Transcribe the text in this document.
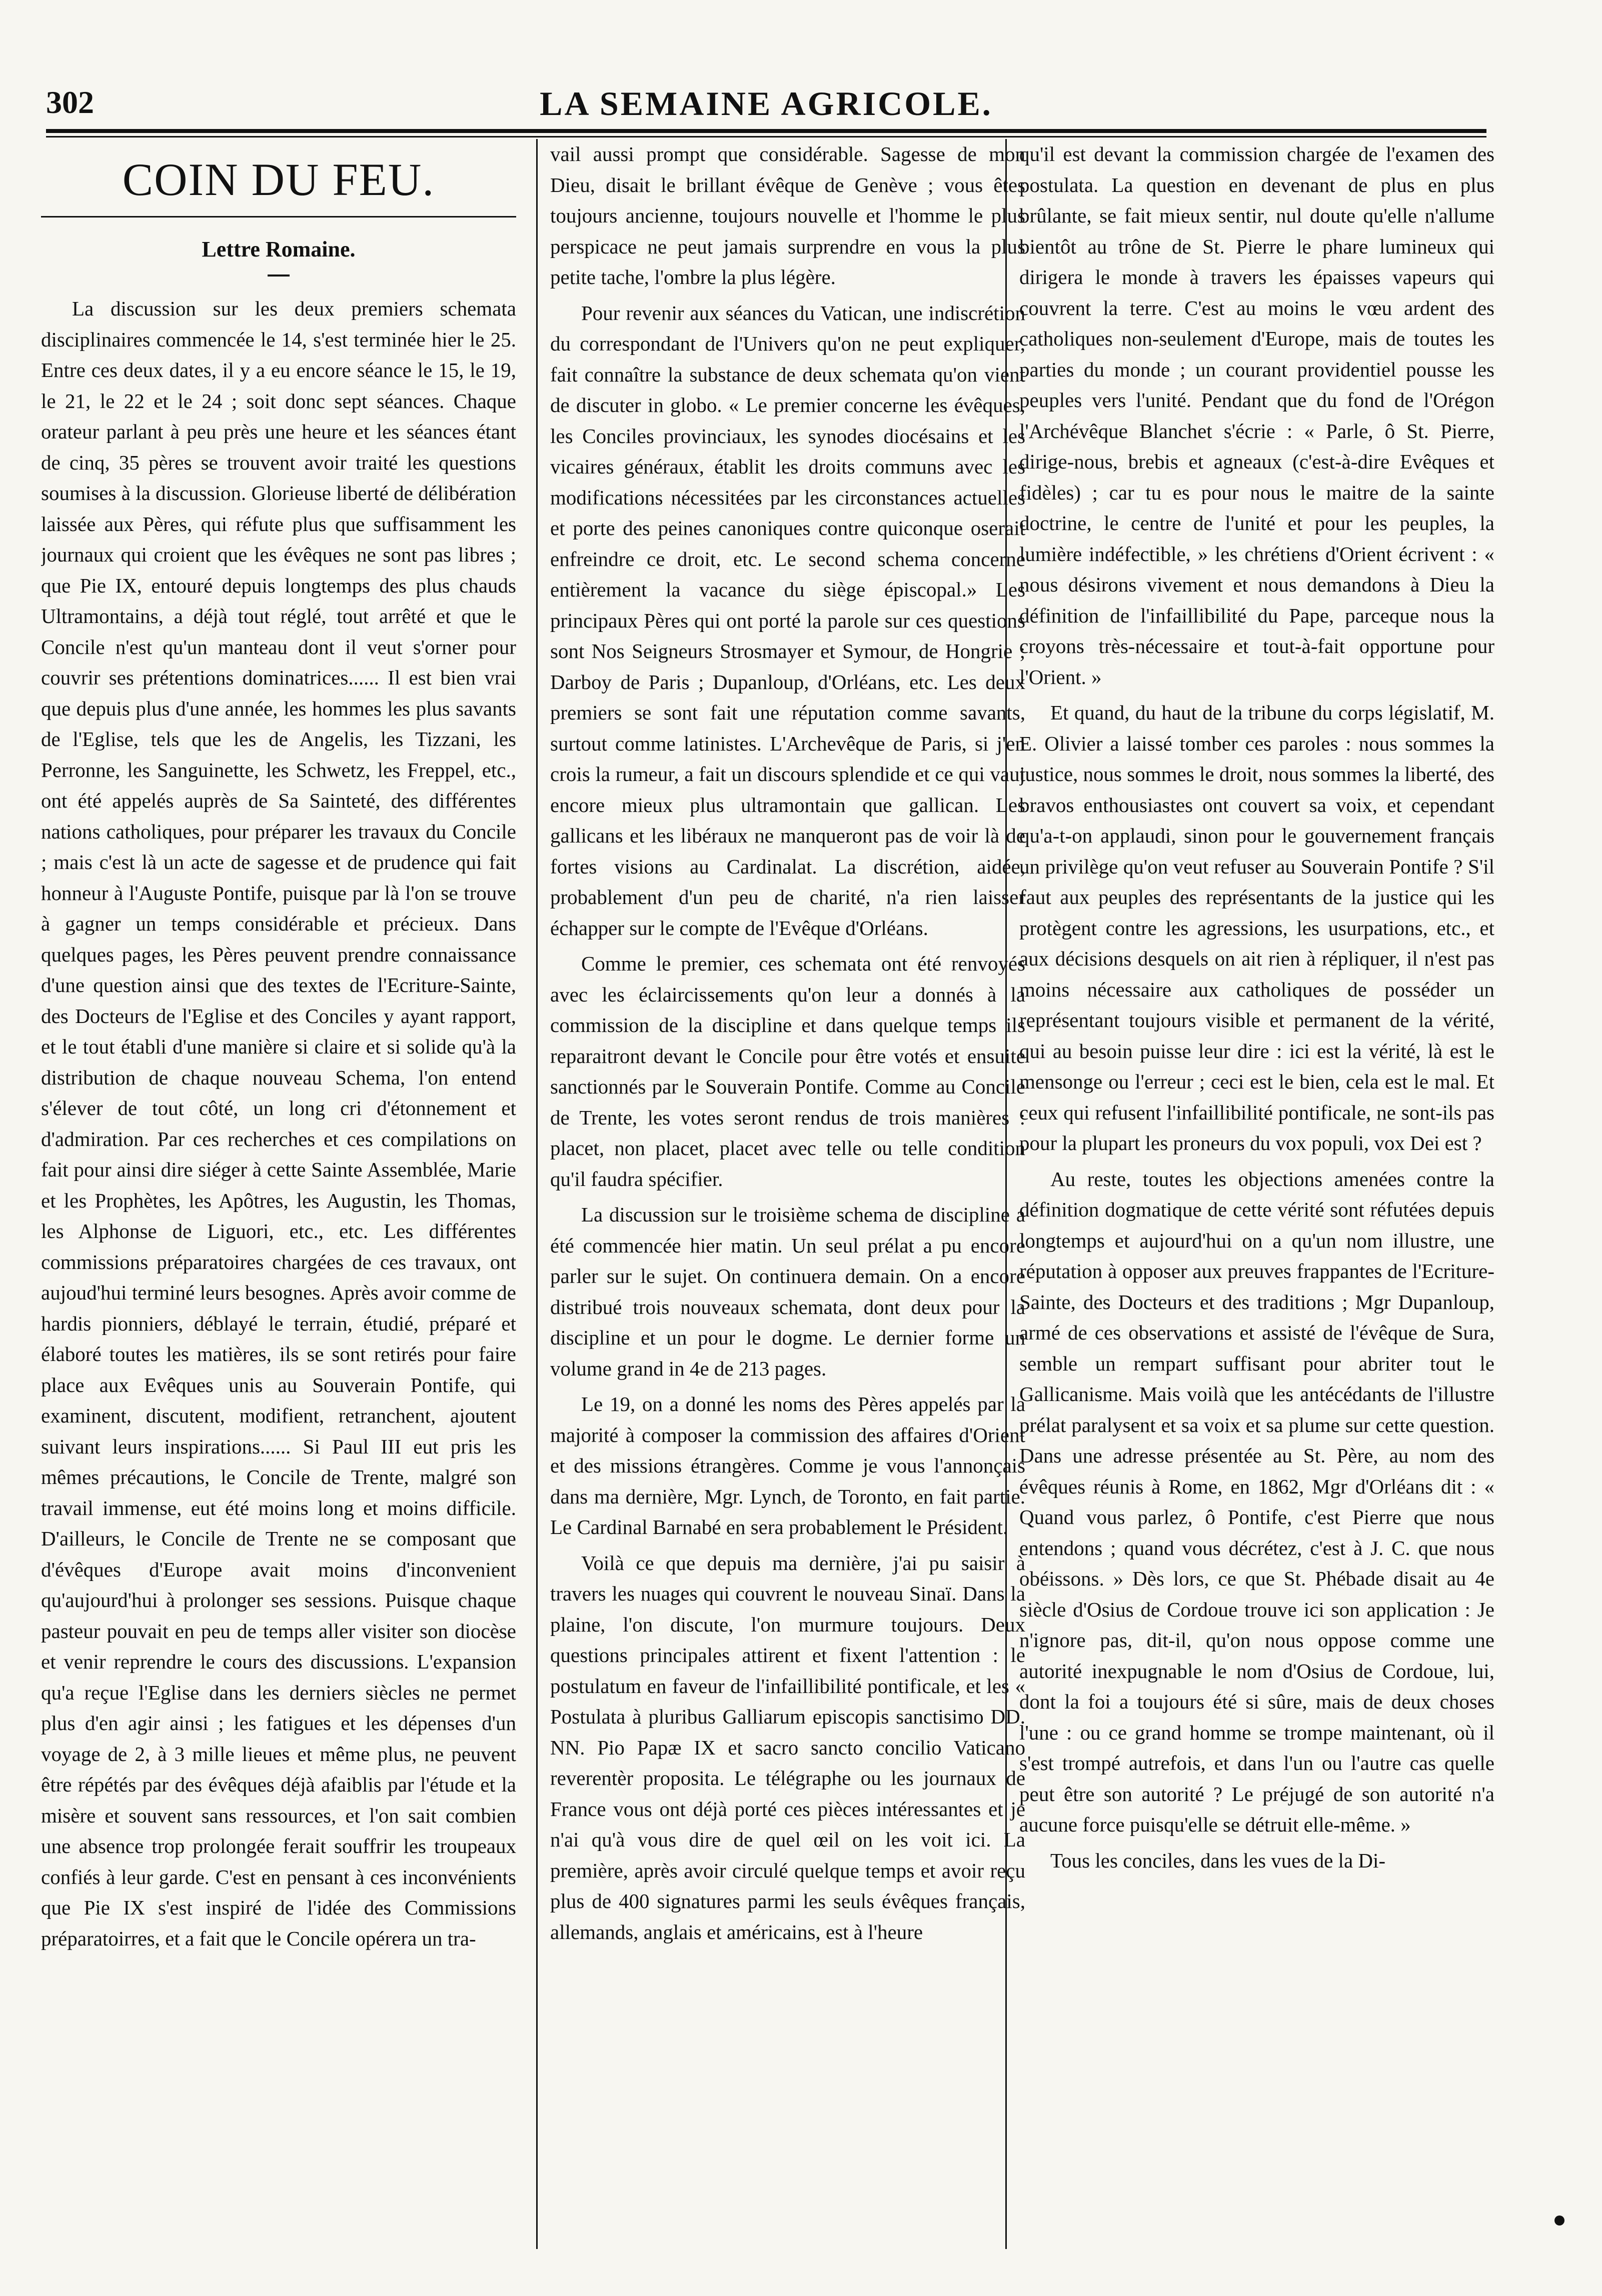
302	LA SEMAINE AGRICOLE.
COIN DU FEU.
Lettre Romaine.

La discussion sur les deux premiers schemata disciplinaires commencée le 14, s'est terminée hier le 25. Entre ces deux dates, il y a eu encore séance le 15, le 19, le 21, le 22 et le 24 ; soit donc sept séances. Chaque orateur parlant à peu près une heure et les séances étant de cinq, 35 pères se trouvent avoir traité les questions soumises à la discussion. Glorieuse liberté de délibération laissée aux Pères, qui réfute plus que suffisamment les journaux qui croient que les évêques ne sont pas libres ; que Pie IX, entouré depuis longtemps des plus chauds Ultramontains, a déjà tout réglé, tout arrêté et que le Concile n'est qu'un manteau dont il veut s'orner pour couvrir ses prétentions dominatrices...... Il est bien vrai que depuis plus d'une année, les hommes les plus savants de l'Eglise, tels que les de Angelis, les Tizzani, les Perronne, les Sanguinette, les Schwetz, les Freppel, etc., ont été appelés auprès de Sa Sainteté, des différentes nations catholiques, pour préparer les travaux du Concile ; mais c'est là un acte de sagesse et de prudence qui fait honneur à l'Auguste Pontife, puisque par là l'on se trouve à gagner un temps considérable et précieux. Dans quelques pages, les Pères peuvent prendre connaissance d'une question ainsi que des textes de l'Ecriture-Sainte, des Docteurs de l'Eglise et des Conciles y ayant rapport, et le tout établi d'une manière si claire et si solide qu'à la distribution de chaque nouveau Schema, l'on entend s'élever de tout côté, un long cri d'étonnement et d'admiration. Par ces recherches et ces compilations on fait pour ainsi dire siéger à cette Sainte Assemblée, Marie et les Prophètes, les Apôtres, les Augustin, les Thomas, les Alphonse de Liguori, etc., etc. Les différentes commissions préparatoires chargées de ces travaux, ont aujoud'hui terminé leurs besognes. Après avoir comme de hardis pionniers, déblayé le terrain, étudié, préparé et élaboré toutes les matières, ils se sont retirés pour faire place aux Evêques unis au Souverain Pontife, qui examinent, discutent, modifient, retranchent, ajoutent suivant leurs inspirations...... Si Paul III eut pris les mêmes précautions, le Concile de Trente, malgré son travail immense, eut été moins long et moins difficile. D'ailleurs, le Concile de Trente ne se composant que d'évêques d'Europe avait moins d'inconvenient qu'aujourd'hui à prolonger ses sessions. Puisque chaque pasteur pouvait en peu de temps aller visiter son diocèse et venir reprendre le cours des discussions. L'expansion qu'a reçue l'Eglise dans les derniers siècles ne permet plus d'en agir ainsi ; les fatigues et les dépenses d'un voyage de 2, à 3 mille lieues et même plus, ne peuvent être répétés par des évêques déjà afaiblis par l'étude et la misère et souvent sans ressources, et l'on sait combien une absence trop prolongée ferait souffrir les troupeaux confiés à leur garde. C'est en pensant à ces inconvénients que Pie IX s'est inspiré de l'idée des Commissions préparatoirres, et a fait que le Concile opérera un tra-

vail aussi prompt que considérable. Sagesse de mon Dieu, disait le brillant évêque de Genève ; vous êtes toujours ancienne, toujours nouvelle et l'homme le plus perspicace ne peut jamais surprendre en vous la plus petite tache, l'ombre la plus légère.

Pour revenir aux séances du Vatican, une indiscrétion du correspondant de l'Univers qu'on ne peut expliquer, fait connaître la substance de deux schemata qu'on vient de discuter in globo. « Le premier concerne les évêques, les Conciles provinciaux, les synodes diocésains et les vicaires généraux, établit les droits communs avec les modifications nécessitées par les circonstances actuelles et porte des peines canoniques contre quiconque oserait enfreindre ce droit, etc. Le second schema concerne entièrement la vacance du siège épiscopal.» Les principaux Pères qui ont porté la parole sur ces questions sont Nos Seigneurs Strosmayer et Symour, de Hongrie ; Darboy de Paris ; Dupanloup, d'Orléans, etc. Les deux premiers se sont fait une réputation comme savants, surtout comme latinistes. L'Archevêque de Paris, si j'en crois la rumeur, a fait un discours splendide et ce qui vaut encore mieux plus ultramontain que gallican. Les gallicans et les libéraux ne manqueront pas de voir là de fortes visions au Cardinalat. La discrétion, aidée, probablement d'un peu de charité, n'a rien laisser échapper sur le compte de l'Evêque d'Orléans.

Comme le premier, ces schemata ont été renvoyés avec les éclaircissements qu'on leur a donnés à la commission de la discipline et dans quelque temps ils reparaitront devant le Concile pour être votés et ensuite sanctionnés par le Souverain Pontife. Comme au Concile de Trente, les votes seront rendus de trois manières : placet, non placet, placet avec telle ou telle condition qu'il faudra spécifier.

La discussion sur le troisième schema de discipline a été commencée hier matin. Un seul prélat a pu encore parler sur le sujet. On continuera demain. On a encore distribué trois nouveaux schemata, dont deux pour la discipline et un pour le dogme. Le dernier forme un volume grand in 4e de 213 pages.

Le 19, on a donné les noms des Pères appelés par la majorité à composer la commission des affaires d'Orient et des missions étrangères. Comme je vous l'annonçais dans ma dernière, Mgr. Lynch, de Toronto, en fait partie. Le Cardinal Barnabé en sera probablement le Président.

Voilà ce que depuis ma dernière, j'ai pu saisir à travers les nuages qui couvrent le nouveau Sinaï. Dans la plaine, l'on discute, l'on murmure toujours. Deux questions principales attirent et fixent l'attention : le postulatum en faveur de l'infaillibilité pontificale, et les « Postulata à pluribus Galliarum episcopis sanctisimo DD. NN. Pio Papæ IX et sacro sancto concilio Vaticano reverentèr proposita. Le télégraphe ou les journaux de France vous ont déjà porté ces pièces intéressantes et je n'ai qu'à vous dire de quel œil on les voit ici. La première, après avoir circulé quelque temps et avoir reçu plus de 400 signatures parmi les seuls évêques français, allemands, anglais et américains, est à l'heure

qu'il est devant la commission chargée de l'examen des postulata. La question en devenant de plus en plus brûlante, se fait mieux sentir, nul doute qu'elle n'allume bientôt au trône de St. Pierre le phare lumineux qui dirigera le monde à travers les épaisses vapeurs qui couvrent la terre. C'est au moins le vœu ardent des catholiques non-seulement d'Europe, mais de toutes les parties du monde ; un courant providentiel pousse les peuples vers l'unité. Pendant que du fond de l'Orégon l'Archévêque Blanchet s'écrie : « Parle, ô St. Pierre, dirige-nous, brebis et agneaux (c'est-à-dire Evêques et fidèles) ; car tu es pour nous le maitre de la sainte doctrine, le centre de l'unité et pour les peuples, la lumière indéfectible, » les chrétiens d'Orient écrivent : « nous désirons vivement et nous demandons à Dieu la définition de l'infaillibilité du Pape, parceque nous la croyons très-nécessaire et tout-à-fait opportune pour l'Orient. »

Et quand, du haut de la tribune du corps législatif, M. E. Olivier a laissé tomber ces paroles : nous sommes la justice, nous sommes le droit, nous sommes la liberté, des bravos enthousiastes ont couvert sa voix, et cependant qu'a-t-on applaudi, sinon pour le gouvernement français un privilège qu'on veut refuser au Souverain Pontife ? S'il faut aux peuples des représentants de la justice qui les protègent contre les agressions, les usurpations, etc., et aux décisions desquels on ait rien à répliquer, il n'est pas moins nécessaire aux catholiques de posséder un représentant toujours visible et permanent de la vérité, qui au besoin puisse leur dire : ici est la vérité, là est le mensonge ou l'erreur ; ceci est le bien, cela est le mal. Et ceux qui refusent l'infaillibilité pontificale, ne sont-ils pas pour la plupart les proneurs du vox populi, vox Dei est ?

Au reste, toutes les objections amenées contre la définition dogmatique de cette vérité sont réfutées depuis longtemps et aujourd'hui on a qu'un nom illustre, une réputation à opposer aux preuves frappantes de l'Ecriture-Sainte, des Docteurs et des traditions ; Mgr Dupanloup, armé de ces observations et assisté de l'évêque de Sura, semble un rempart suffisant pour abriter tout le Gallicanisme. Mais voilà que les antécédants de l'illustre prélat paralysent et sa voix et sa plume sur cette question. Dans une adresse présentée au St. Père, au nom des évêques réunis à Rome, en 1862, Mgr d'Orléans dit : « Quand vous parlez, ô Pontife, c'est Pierre que nous entendons ; quand vous décrétez, c'est à J. C. que nous obéissons. » Dès lors, ce que St. Phébade disait au 4e siècle d'Osius de Cordoue trouve ici son application : Je n'ignore pas, dit-il, qu'on nous oppose comme une autorité inexpugnable le nom d'Osius de Cordoue, lui, dont la foi a toujours été si sûre, mais de deux choses l'une : ou ce grand homme se trompe maintenant, où il s'est trompé autrefois, et dans l'un ou l'autre cas quelle peut être son autorité ? Le préjugé de son autorité n'a aucune force puisqu'elle se détruit elle-même. »

Tous les conciles, dans les vues de la Di-
